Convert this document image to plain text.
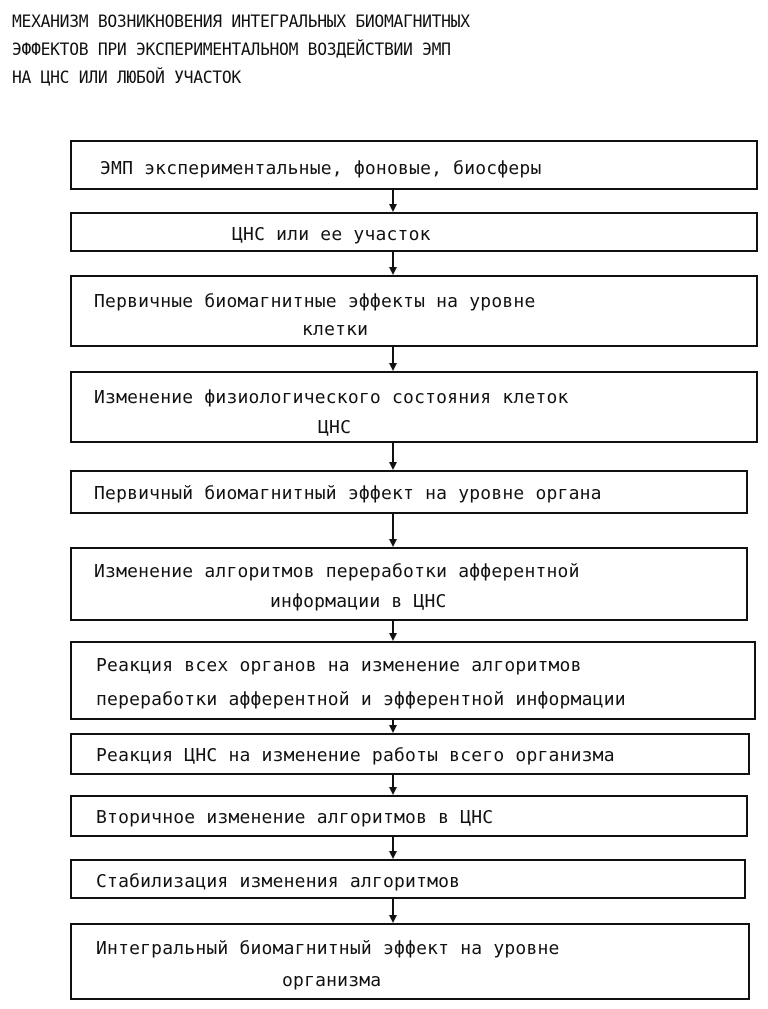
МЕХАНИЗМ ВОЗНИКНОВЕНИЯ ИНТЕГРАЛЬНЫХ БИОМАГНИТНЫХ
ЭФФЕКТОВ ПРИ ЭКСПЕРИМЕНТАЛЬНОМ ВОЗДЕЙСТВИИ ЭМП
НА ЦНС ИЛИ ЛЮБОЙ УЧАСТОК
ЭМП экспериментальные, фоновые, биосферы
ЦНС или ее участок
Первичные биомагнитные эффекты на уровне
клетки
Изменение физиологического состояния клеток
ЦНС
Первичный биомагнитный эффект на уровне органа
Изменение алгоритмов переработки афферентной
информации в ЦНС
Реакция всех органов на изменение алгоритмов
переработки афферентной и эфферентной информации
Реакция ЦНС на изменение работы всего организма
Вторичное изменение алгоритмов в ЦНС
Стабилизация изменения алгоритмов
Интегральный биомагнитный эффект на уровне
организма
